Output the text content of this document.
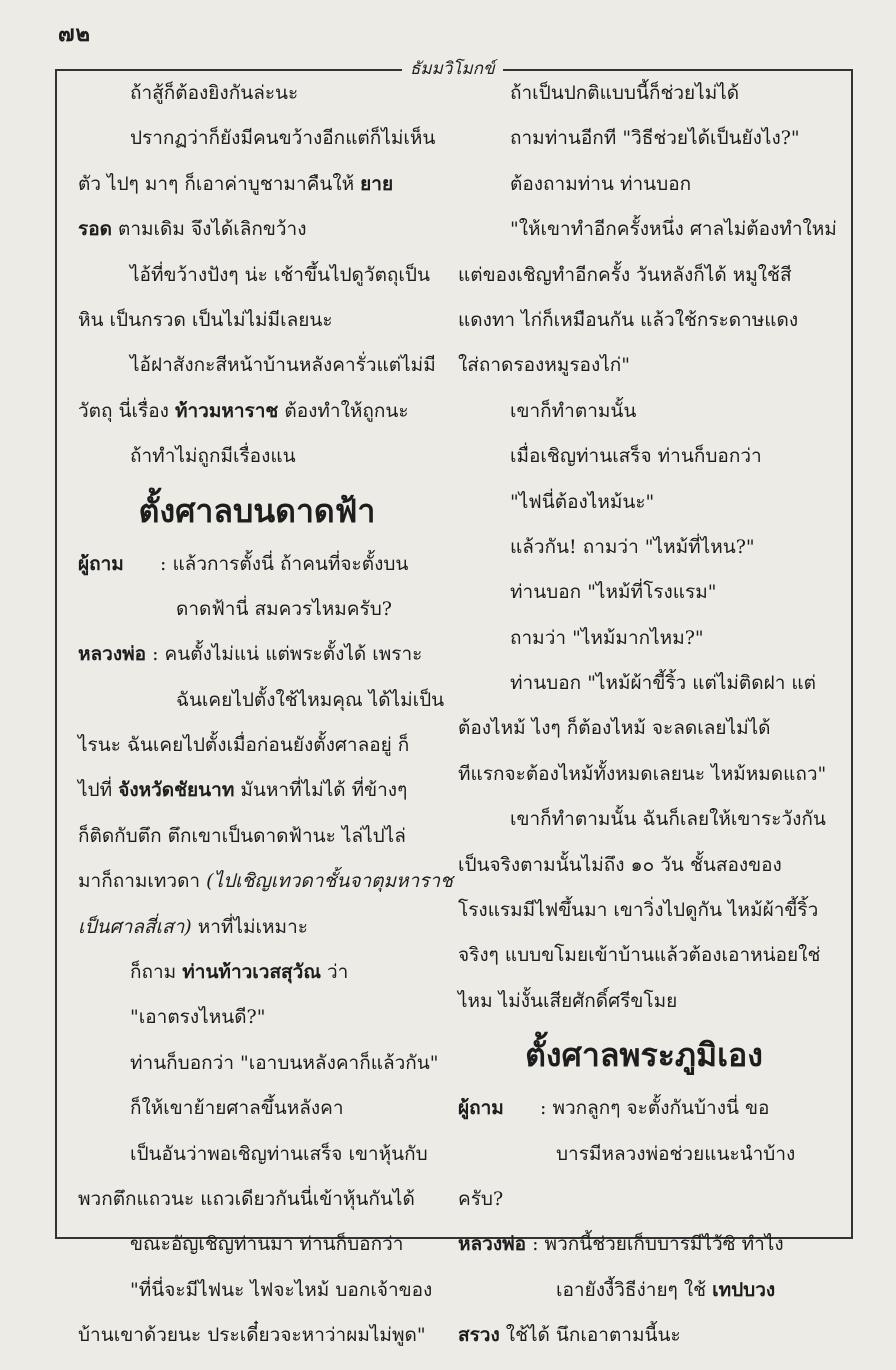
๗๒
ธัมมวิโมกข์
ถ้าสู้ก็ต้องยิงกันล่ะนะ
ปรากฏว่าก็ยังมีคนขว้างอีกแต่ก็ไม่เห็น
ตัว ไปๆ มาๆ ก็เอาค่าบูชามาคืนให้ ยาย
รอด ตามเดิม จึงได้เลิกขว้าง
ไอ้ที่ขว้างปังๆ น่ะ เช้าขึ้นไปดูวัตถุเป็น
หิน เป็นกรวด เป็นไม่ไม่มีเลยนะ
ไอ้ฝาสังกะสีหน้าบ้านหลังคารั่วแต่ไม่มี
วัตถุ นี่เรื่อง ท้าวมหาราช ต้องทำให้ถูกนะ
ถ้าทำไม่ถูกมีเรื่องแน
ตั้งศาลบนดาดฟ้า
ผู้ถาม : แล้วการตั้งนี่ ถ้าคนที่จะตั้งบน
ดาดฟ้านี่ สมควรไหมครับ?
หลวงพ่อ : คนตั้งไม่แน่ แต่พระตั้งได้ เพราะ
ฉันเคยไปตั้งใช้ไหมคุณ ได้ไม่เป็น
ไรนะ ฉันเคยไปตั้งเมื่อก่อนยังตั้งศาลอยู่ ก็
ไปที่ จังหวัดชัยนาท มันหาที่ไม่ได้ ที่ข้างๆ
ก็ติดกับตึก ตึกเขาเป็นดาดฟ้านะ ไล่ไปไล่
มาก็ถามเทวดา (ไปเชิญเทวดาชั้นจาตุมหาราช
เป็นศาลสี่เสา) หาที่ไม่เหมาะ
ก็ถาม ท่านท้าวเวสสุวัณ ว่า
"เอาตรงไหนดี?"
ท่านก็บอกว่า "เอาบนหลังคาก็แล้วกัน"
ก็ให้เขาย้ายศาลขึ้นหลังคา
เป็นอันว่าพอเชิญท่านเสร็จ เขาหุ้นกับ
พวกตึกแถวนะ แถวเดียวกันนี่เข้าหุ้นกันได้
ขณะอัญเชิญท่านมา ท่านก็บอกว่า
"ที่นี่จะมีไฟนะ ไฟจะไหม้ บอกเจ้าของ
บ้านเขาด้วยนะ ประเดี๋ยวจะหาว่าผมไม่พูด"
ถ้าเป็นปกติแบบนี้ก็ช่วยไม่ได้
ถามท่านอีกที "วิธีช่วยได้เป็นยังไง?"
ต้องถามท่าน ท่านบอก
"ให้เขาทำอีกครั้งหนึ่ง ศาลไม่ต้องทำใหม่
แต่ของเชิญทำอีกครั้ง วันหลังก็ได้ หมูใช้สี
แดงทา ไก่ก็เหมือนกัน แล้วใช้กระดาษแดง
ใส่ถาดรองหมูรองไก่"
เขาก็ทำตามนั้น
เมื่อเชิญท่านเสร็จ ท่านก็บอกว่า
"ไฟนี่ต้องไหม้นะ"
แล้วกัน! ถามว่า "ไหม้ที่ไหน?"
ท่านบอก "ไหม้ที่โรงแรม"
ถามว่า "ไหม้มากไหม?"
ท่านบอก "ไหม้ผ้าขี้ริ้ว แต่ไม่ติดฝา แต่
ต้องไหม้ ไงๆ ก็ต้องไหม้ จะลดเลยไม่ได้
ทีแรกจะต้องไหม้ทั้งหมดเลยนะ ไหม้หมดแถว"
เขาก็ทำตามนั้น ฉันก็เลยให้เขาระวังกัน
เป็นจริงตามนั้นไม่ถึง ๑๐ วัน ชั้นสองของ
โรงแรมมีไฟขึ้นมา เขาวิ่งไปดูกัน ไหม้ผ้าขี้ริ้ว
จริงๆ แบบขโมยเข้าบ้านแล้วต้องเอาหน่อยใช่
ไหม ไม่งั้นเสียศักดิ์ศรีขโมย
ตั้งศาลพระภูมิเอง
ผู้ถาม : พวกลูกๆ จะตั้งกันบ้างนี่ ขอ
บารมีหลวงพ่อช่วยแนะนำบ้าง
ครับ?
หลวงพ่อ : พวกนี้ช่วยเก็บบารมีไว้ซิ ทำไง
เอายังงี้วิธีง่ายๆ ใช้ เทปบวง
สรวง ใช้ได้ นึกเอาตามนี้นะ
